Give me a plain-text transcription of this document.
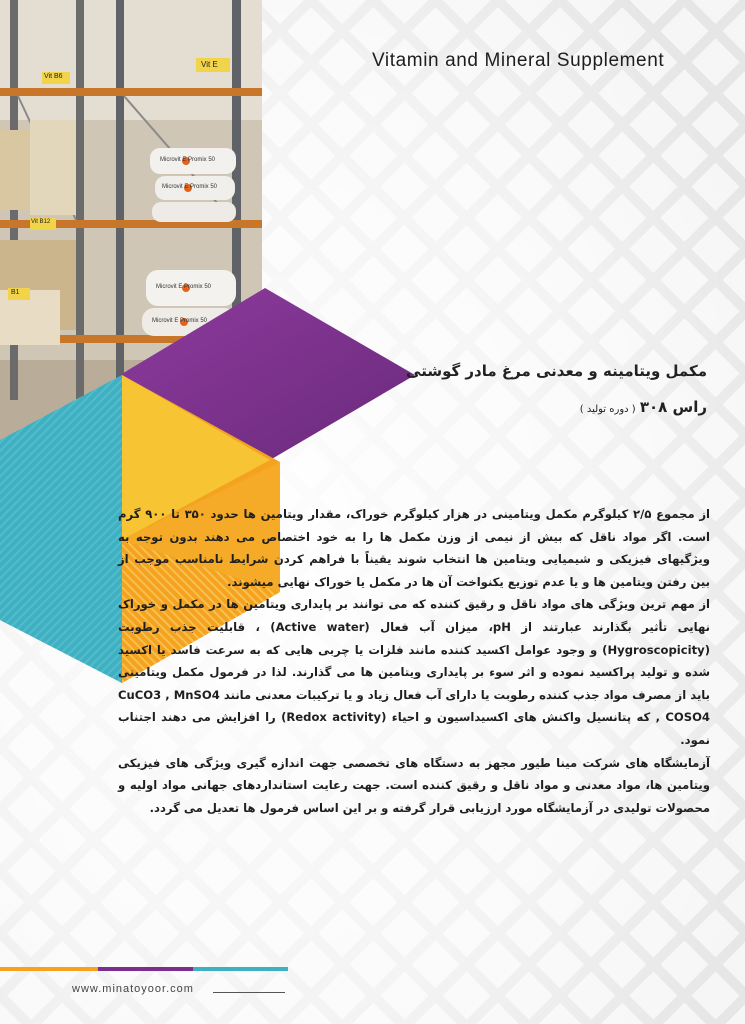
Vit B6
Vit E
Vit B12
B1
Microvit E Promix 50
Microvit E Promix 50
Microvit E Promix 50
Microvit E Promix 50
Vitamin and Mineral Supplement
مکمل ویتامینه و معدنی مرغ مادر گوشتی
راس ۳۰۸ ( دوره تولید )

از مجموع ۲/۵ کیلوگرم مکمل ویتامینی در هزار کیلوگرم خوراک، مقدار ویتامین ها حدود ۳۵۰ تا ۹۰۰ گرم است. اگر مواد ناقل که بیش از نیمی از وزن مکمل ها را به خود اختصاص می دهند بدون توجه به ویژگیهای فیزیکی و شیمیایی ویتامین ها انتخاب شوند یقیناً با فراهم کردن شرایط نامناسب موجب از بین رفتن ویتامین ها و یا عدم توزیع یکنواخت آن ها در مکمل یا خوراک نهایی میشوند.

از مهم ترین ویژگی های مواد ناقل و رقیق کننده که می توانند بر پایداری ویتامین ها در مکمل و خوراک نهایی تأثیر بگذارند عبارتند از pH، میزان آب فعال (Active water) ، قابلیت جذب رطوبت (Hygroscopicity) و وجود عوامل اکسید کننده مانند فلزات یا چربی هایی که به سرعت فاسد یا اکسید شده و تولید پراکسید نموده و اثر سوء بر پایداری ویتامین ها می گذارند. لذا در فرمول مکمل ویتامینی باید از مصرف مواد جذب کننده رطوبت یا دارای آب فعال زیاد و یا ترکیبات معدنی مانند CuCO3 , MnSO4 , COSO4 که پتانسیل واکنش های اکسیداسیون و احیاء (Redox activity) را افزایش می دهند اجتناب نمود.

آزمایشگاه های شرکت مینا طیور مجهز به دستگاه های تخصصی جهت اندازه گیری ویژگی های فیزیکی ویتامین ها، مواد معدنی و مواد ناقل و رقیق کننده است. جهت رعایت استانداردهای جهانی مواد اولیه و محصولات تولیدی در آزمایشگاه مورد ارزیابی قرار گرفته و بر این اساس فرمول ها تعدیل می گردد.

www.minatoyoor.com
